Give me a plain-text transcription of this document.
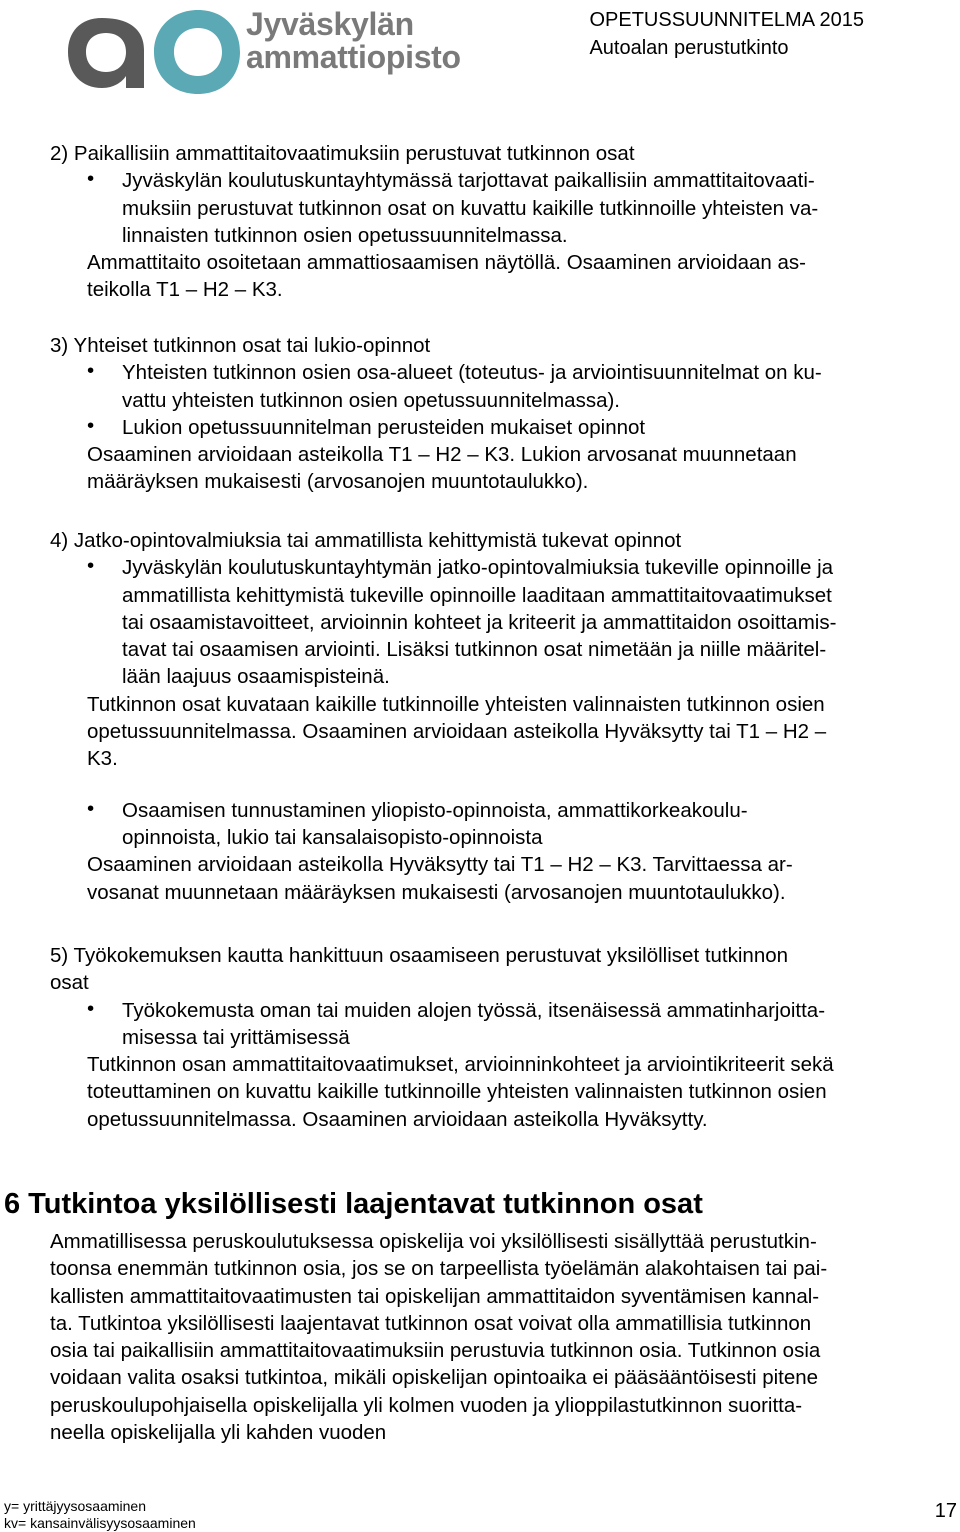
Jyväskylän
ammattiopisto
OPETUSSUUNNITELMA 2015
Autoalan perustutkinto

2) Paikallisiin ammattitaitovaatimuksiin perustuvat tutkinnon osat

•	Jyväskylän koulutuskuntayhtymässä tarjottavat paikallisiin ammattitaitovaati-

muksiin perustuvat tutkinnon osat on kuvattu kaikille tutkinnoille yhteisten va-

linnaisten tutkinnon osien opetussuunnitelmassa.

Ammattitaito osoitetaan ammattiosaamisen näytöllä. Osaaminen arvioidaan as-

teikolla T1 – H2 – K3.

3) Yhteiset tutkinnon osat tai lukio-opinnot

•	Yhteisten tutkinnon osien osa-alueet (toteutus- ja arviointisuunnitelmat on ku-

vattu yhteisten tutkinnon osien opetussuunnitelmassa).

•	Lukion opetussuunnitelman perusteiden mukaiset opinnot

Osaaminen arvioidaan asteikolla T1 – H2 – K3. Lukion arvosanat muunnetaan

määräyksen mukaisesti (arvosanojen muuntotaulukko).

4) Jatko-opintovalmiuksia tai ammatillista kehittymistä tukevat opinnot

•	Jyväskylän koulutuskuntayhtymän jatko-opintovalmiuksia tukeville opinnoille ja

ammatillista kehittymistä tukeville opinnoille laaditaan ammattitaitovaatimukset

tai osaamistavoitteet, arvioinnin kohteet ja kriteerit ja ammattitaidon osoittamis-

tavat tai osaamisen arviointi. Lisäksi tutkinnon osat nimetään ja niille määritel-

lään laajuus osaamispisteinä.

Tutkinnon osat kuvataan kaikille tutkinnoille yhteisten valinnaisten tutkinnon osien

opetussuunnitelmassa. Osaaminen arvioidaan asteikolla Hyväksytty tai T1 – H2 –

K3.

•	Osaamisen tunnustaminen yliopisto-opinnoista, ammattikorkeakoulu-

opinnoista, lukio tai kansalaisopisto-opinnoista

Osaaminen arvioidaan asteikolla Hyväksytty tai T1 – H2 – K3. Tarvittaessa ar-

vosanat muunnetaan määräyksen mukaisesti (arvosanojen muuntotaulukko).

5) Työkokemuksen kautta hankittuun osaamiseen perustuvat yksilölliset tutkinnon

osat

•	Työkokemusta oman tai muiden alojen työssä, itsenäisessä ammatinharjoitta-

misessa tai yrittämisessä

Tutkinnon osan ammattitaitovaatimukset, arvioinninkohteet ja arviointikriteerit sekä

toteuttaminen on kuvattu kaikille tutkinnoille yhteisten valinnaisten tutkinnon osien

opetussuunnitelmassa. Osaaminen arvioidaan asteikolla Hyväksytty.

6 Tutkintoa yksilöllisesti laajentavat tutkinnon osat

Ammatillisessa peruskoulutuksessa opiskelija voi yksilöllisesti sisällyttää perustutkin-

toonsa enemmän tutkinnon osia, jos se on tarpeellista työelämän alakohtaisen tai pai-

kallisten ammattitaitovaatimusten tai opiskelijan ammattitaidon syventämisen kannal-

ta. Tutkintoa yksilöllisesti laajentavat tutkinnon osat voivat olla ammatillisia tutkinnon

osia tai paikallisiin ammattitaitovaatimuksiin perustuvia tutkinnon osia. Tutkinnon osia

voidaan valita osaksi tutkintoa, mikäli opiskelijan opintoaika ei pääsääntöisesti pitene

peruskoulupohjaisella opiskelijalla yli kolmen vuoden ja ylioppilastutkinnon suoritta-

neella opiskelijalla yli kahden vuoden

y= yrittäjyysosaaminen
kv= kansainvälisyysosaaminen
17
